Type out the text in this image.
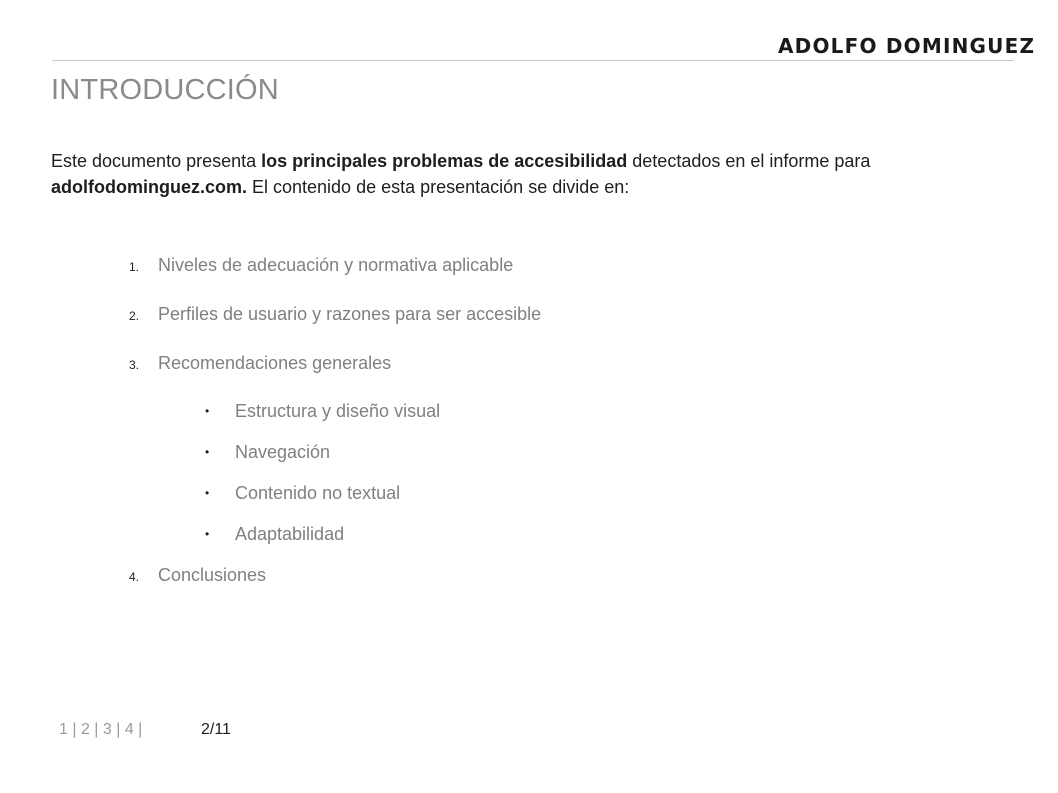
ADOLFO DOMINGUEZ
INTRODUCCIÓN

Este documento presenta los principales problemas de accesibilidad detectados en el informe para adolfodominguez.com. El contenido de esta presentación se divide en:

1. Niveles de adecuación y normativa aplicable
2. Perfiles de usuario y razones para ser accesible
3. Recomendaciones generales
• Estructura y diseño visual
• Navegación
• Contenido no textual
• Adaptabilidad
4. Conclusiones
1 | 2 | 3 | 4 |	2/11
